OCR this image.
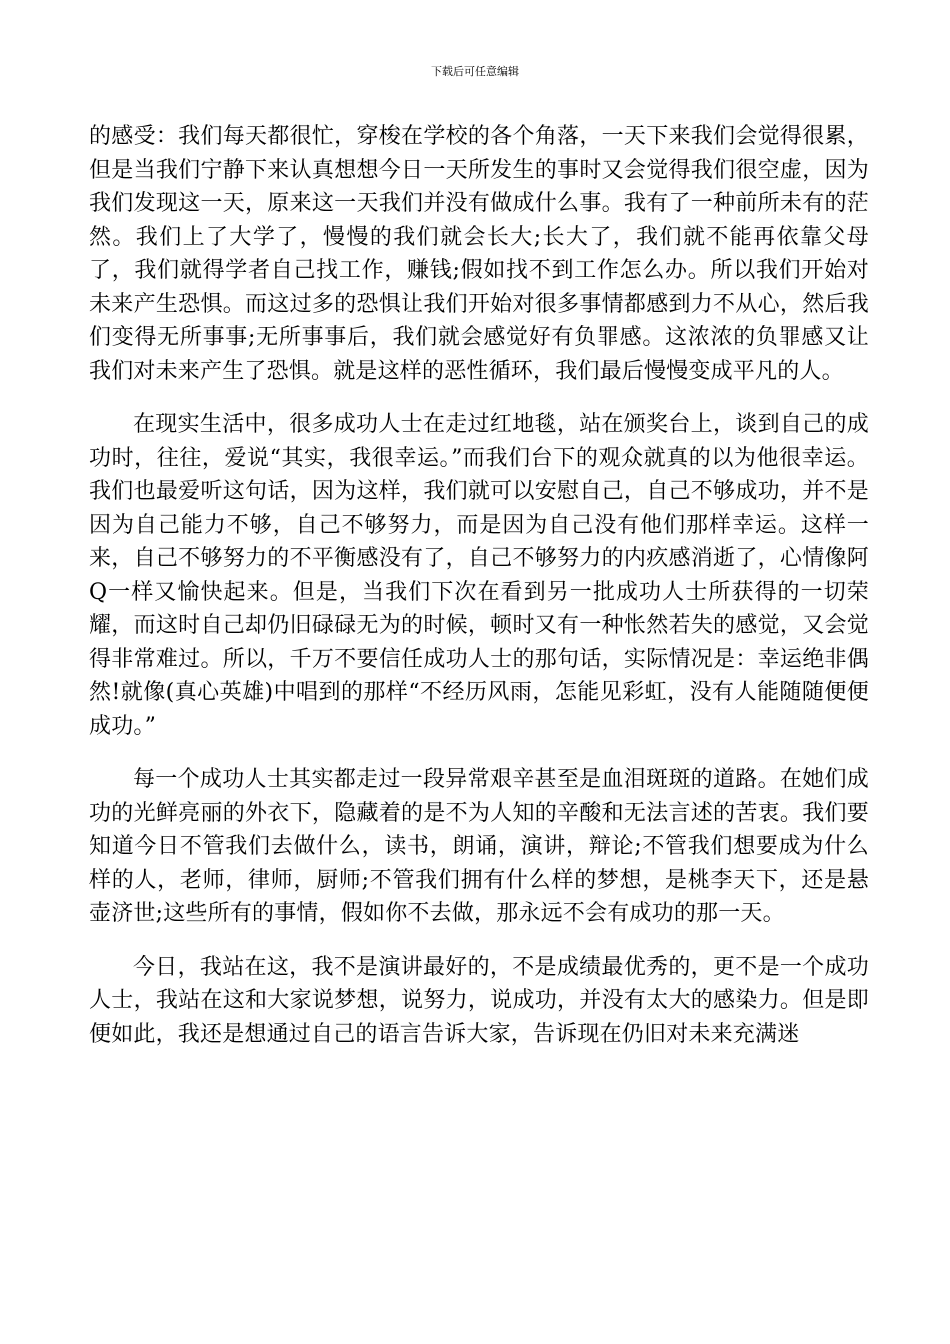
下载后可任意编辑

的感受：我们每天都很忙，穿梭在学校的各个角落，一天下来我们会觉得很累，但是当我们宁静下来认真想想今日一天所发生的事时又会觉得我们很空虚，因为我们发现这一天，原来这一天我们并没有做成什么事。我有了一种前所未有的茫然。我们上了大学了，慢慢的我们就会长大;长大了，我们就不能再依靠父母了，我们就得学者自己找工作，赚钱;假如找不到工作怎么办。所以我们开始对未来产生恐惧。而这过多的恐惧让我们开始对很多事情都感到力不从心，然后我们变得无所事事;无所事事后，我们就会感觉好有负罪感。这浓浓的负罪感又让我们对未来产生了恐惧。就是这样的恶性循环，我们最后慢慢变成平凡的人。

在现实生活中，很多成功人士在走过红地毯，站在颁奖台上，谈到自己的成功时，往往，爱说“其实，我很幸运。”而我们台下的观众就真的以为他很幸运。我们也最爱听这句话，因为这样，我们就可以安慰自己，自己不够成功，并不是因为自己能力不够，自己不够努力，而是因为自己没有他们那样幸运。这样一来，自己不够努力的不平衡感没有了，自己不够努力的内疚感消逝了，心情像阿Q一样又愉快起来。但是，当我们下次在看到另一批成功人士所获得的一切荣耀，而这时自己却仍旧碌碌无为的时候，顿时又有一种怅然若失的感觉，又会觉得非常难过。所以，千万不要信任成功人士的那句话，实际情况是：幸运绝非偶然!就像(真心英雄)中唱到的那样“不经历风雨，怎能见彩虹，没有人能随随便便成功。”

每一个成功人士其实都走过一段异常艰辛甚至是血泪斑斑的道路。在她们成功的光鲜亮丽的外衣下，隐藏着的是不为人知的辛酸和无法言述的苦衷。我们要知道今日不管我们去做什么，读书，朗诵，演讲，辩论;不管我们想要成为什么样的人，老师，律师，厨师;不管我们拥有什么样的梦想，是桃李天下，还是悬壶济世;这些所有的事情，假如你不去做，那永远不会有成功的那一天。

今日，我站在这，我不是演讲最好的，不是成绩最优秀的，更不是一个成功人士，我站在这和大家说梦想，说努力，说成功，并没有太大的感染力。但是即便如此，我还是想通过自己的语言告诉大家，告诉现在仍旧对未来充满迷
